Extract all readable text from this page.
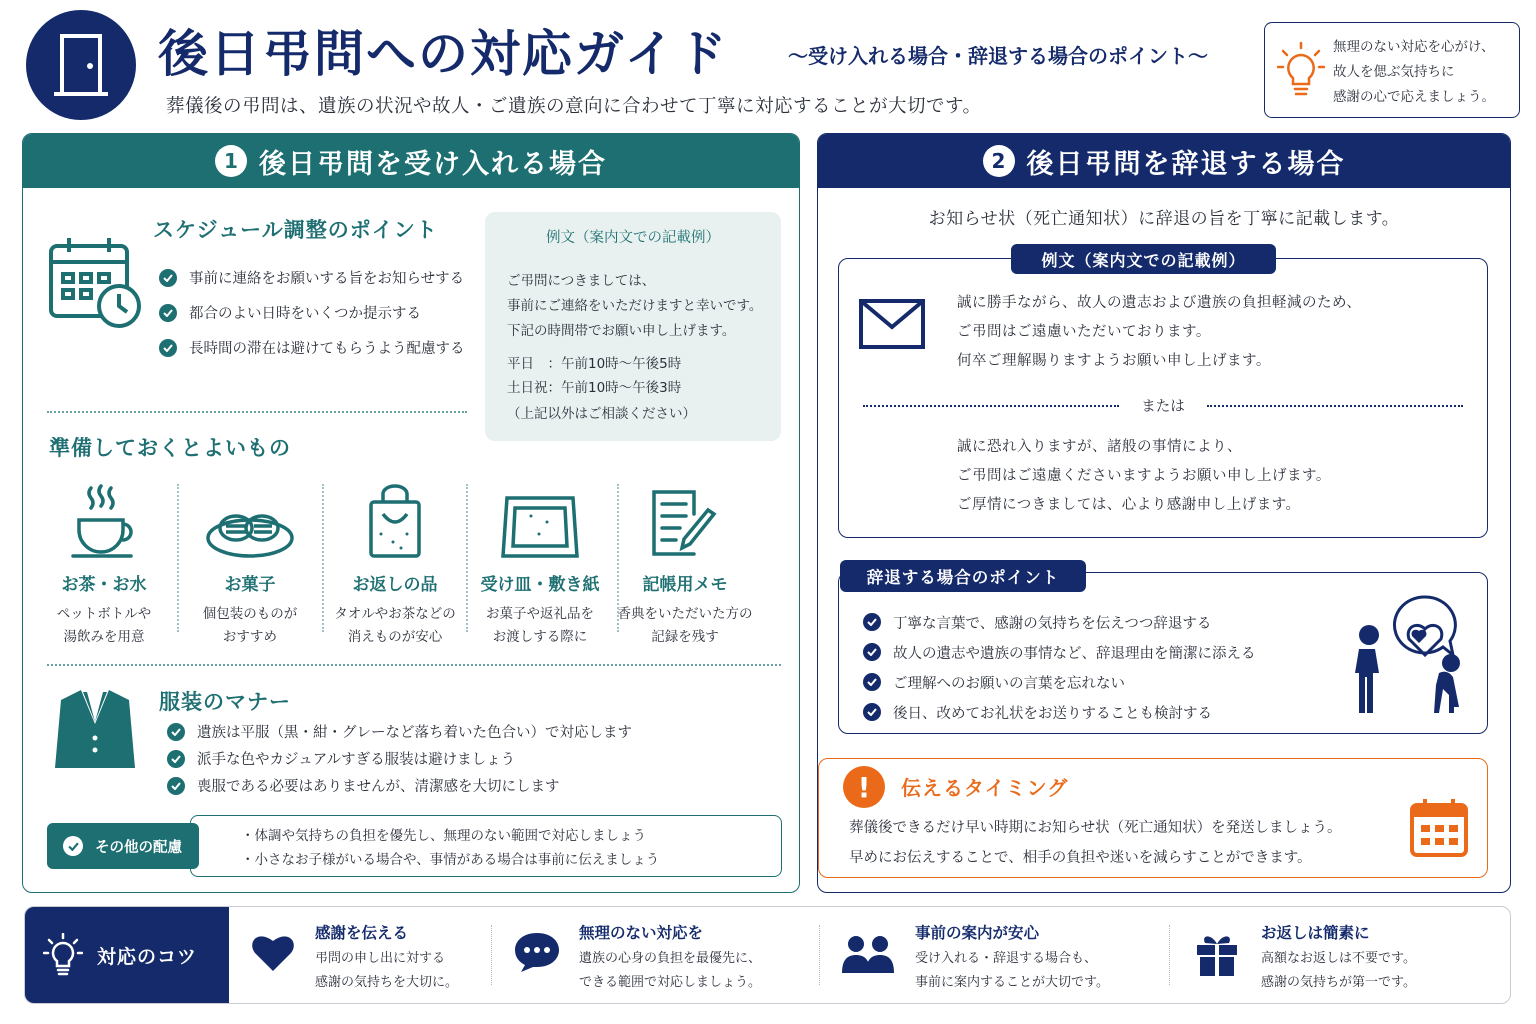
後日弔問への対応ガイド	〜受け入れる場合・辞退する場合のポイント〜
葬儀後の弔問は、遺族の状況や故人・ご遺族の意向に合わせて丁寧に対応することが大切です。

無理のない対応を心がけ、

故人を偲ぶ気持ちに

感謝の心で応えましょう。

1 後日弔問を受け入れる場合
スケジュール調整のポイント
事前に連絡をお願いする旨をお知らせする
都合のよい日時をいくつか提示する
長時間の滞在は避けてもらうよう配慮する
例文（案内文での記載例）

ご弔問につきましては、

事前にご連絡をいただけますと幸いです。

下記の時間帯でお願い申し上げます。

平日　：午前10時〜午後5時

土日祝：午前10時〜午後3時

（上記以外はご相談ください）

準備しておくとよいもの
お茶・お水
ペットボトルや
湯飲みを用意
お菓子
個包装のものが
おすすめ
お返しの品
タオルやお茶などの
消えものが安心
受け皿・敷き紙
お菓子や返礼品を
お渡しする際に
記帳用メモ
香典をいただいた方の
記録を残す
服装のマナー
遺族は平服（黒・紺・グレーなど落ち着いた色合い）で対応します
派手な色やカジュアルすぎる服装は避けましょう
喪服である必要はありませんが、清潔感を大切にします
・体調や気持ちの負担を優先し、無理のない範囲で対応しましょう
・小さなお子様がいる場合や、事情がある場合は事前に伝えましょう
その他の配慮
2 後日弔問を辞退する場合
お知らせ状（死亡通知状）に辞退の旨を丁寧に記載します。
誠に勝手ながら、故人の遺志および遺族の負担軽減のため、
ご弔問はご遠慮いただいております。
何卒ご理解賜りますようお願い申し上げます。
または
誠に恐れ入りますが、諸般の事情により、
ご弔問はご遠慮くださいますようお願い申し上げます。
ご厚情につきましては、心より感謝申し上げます。
例文（案内文での記載例）
丁寧な言葉で、感謝の気持ちを伝えつつ辞退する
故人の遺志や遺族の事情など、辞退理由を簡潔に添える
ご理解へのお願いの言葉を忘れない
後日、改めてお礼状をお送りすることも検討する
辞退する場合のポイント
!	伝えるタイミング
葬儀後できるだけ早い時期にお知らせ状（死亡通知状）を発送しましょう。
早めにお伝えすることで、相手の負担や迷いを減らすことができます。
対応のコツ
感謝を伝える
弔問の申し出に対する
感謝の気持ちを大切に。
無理のない対応を
遺族の心身の負担を最優先に、
できる範囲で対応しましょう。
事前の案内が安心
受け入れる・辞退する場合も、
事前に案内することが大切です。
お返しは簡素に
高額なお返しは不要です。
感謝の気持ちが第一です。
